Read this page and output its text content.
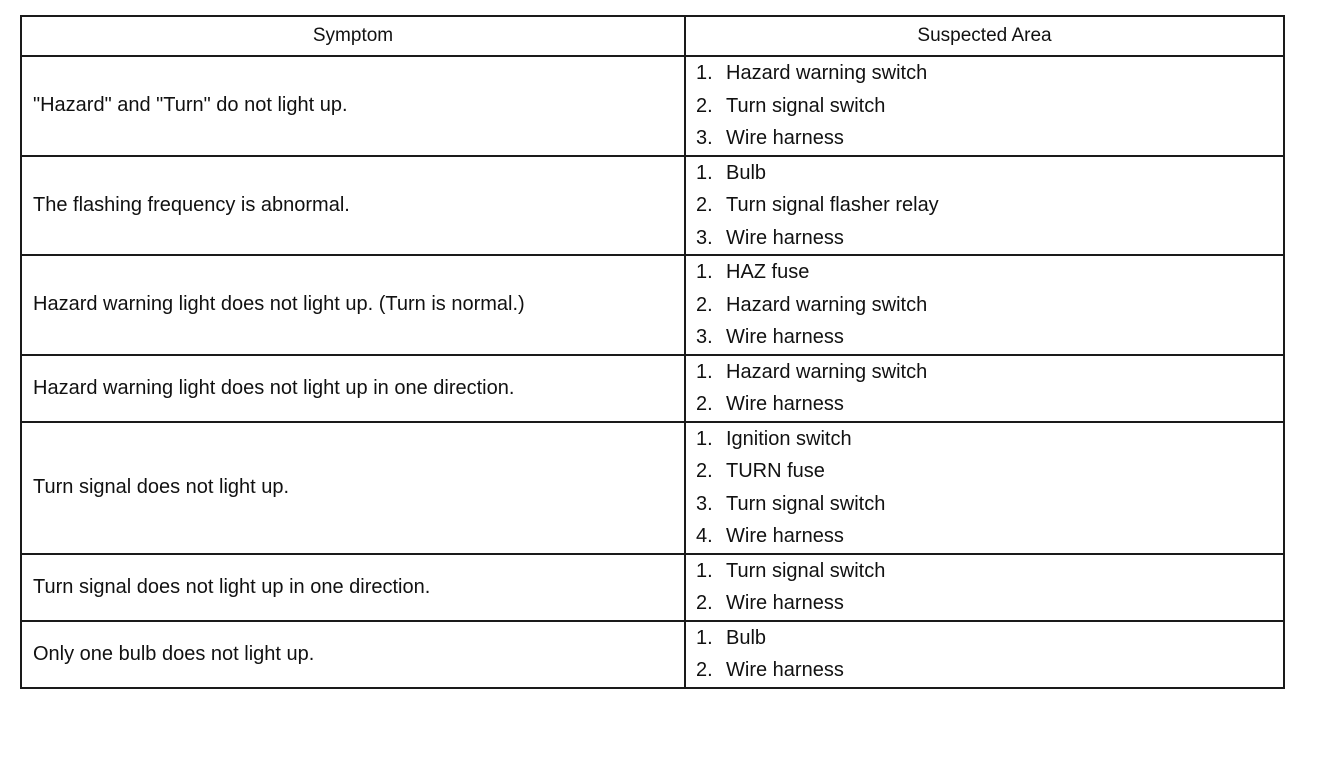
Symptom	Suspected Area
"Hazard" and "Turn" do not light up.	1. Hazard warning switch
2. Turn signal switch
3. Wire harness

The flashing frequency is abnormal.	1. Bulb
2. Turn signal flasher relay
3. Wire harness

Hazard warning light does not light up. (Turn is normal.)	1. HAZ fuse
2. Hazard warning switch
3. Wire harness

Hazard warning light does not light up in one direction.	1. Hazard warning switch
2. Wire harness

Turn signal does not light up.	1. Ignition switch
2. TURN fuse
3. Turn signal switch
4. Wire harness

Turn signal does not light up in one direction.	1. Turn signal switch
2. Wire harness

Only one bulb does not light up.	1. Bulb
2. Wire harness
